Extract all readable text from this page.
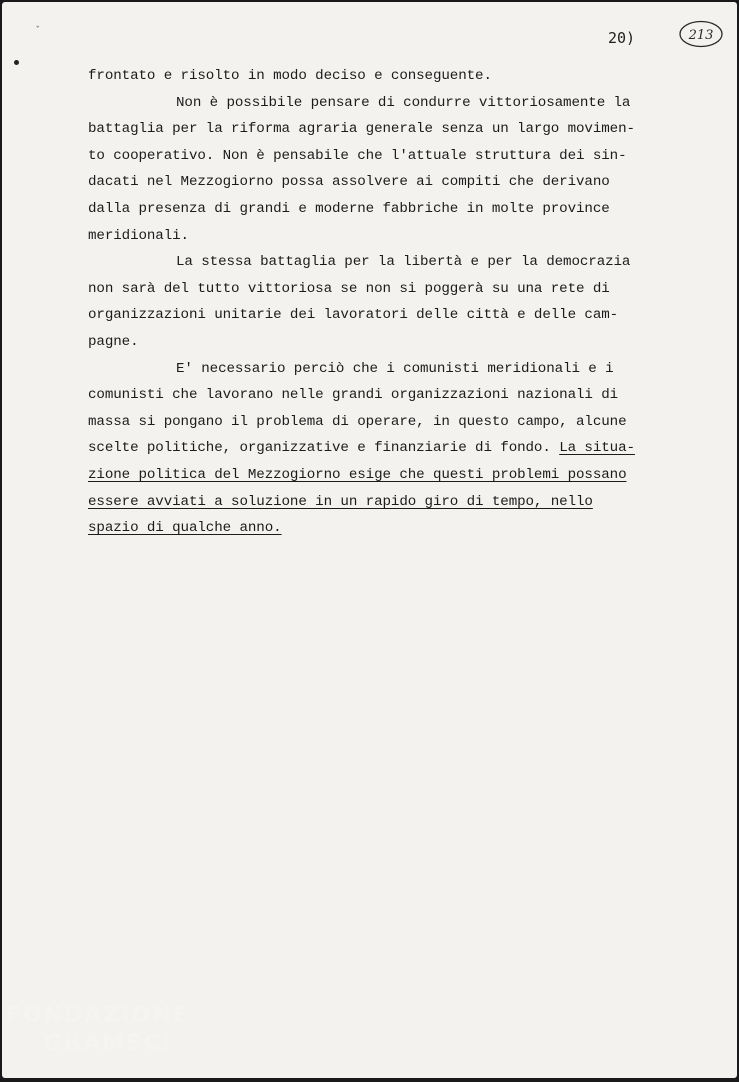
ˇ	20)	213
frontato e risolto in modo deciso e conseguente.
Non è possibile pensare di condurre vittoriosamente la
battaglia per la riforma agraria generale senza un largo movimen-
to cooperativo. Non è pensabile che l'attuale struttura dei sin-
dacati nel Mezzogiorno possa assolvere ai compiti che derivano
dalla presenza di grandi e moderne fabbriche in molte province
meridionali.
La stessa battaglia per la libertà e per la democrazia
non sarà del tutto vittoriosa se non si poggerà su una rete di
organizzazioni unitarie dei lavoratori delle città e delle cam-
pagne.
E' necessario perciò che i comunisti meridionali e i
comunisti che lavorano nelle grandi organizzazioni nazionali di
massa si pongano il problema di operare, in questo campo, alcune
scelte politiche, organizzative e finanziarie di fondo. La situa-
zione politica del Mezzogiorno esige che questi problemi possano
essere avviati a soluzione in un rapido giro di tempo, nello
spazio di qualche anno.
FONDAZIONE
GRAMSCI
